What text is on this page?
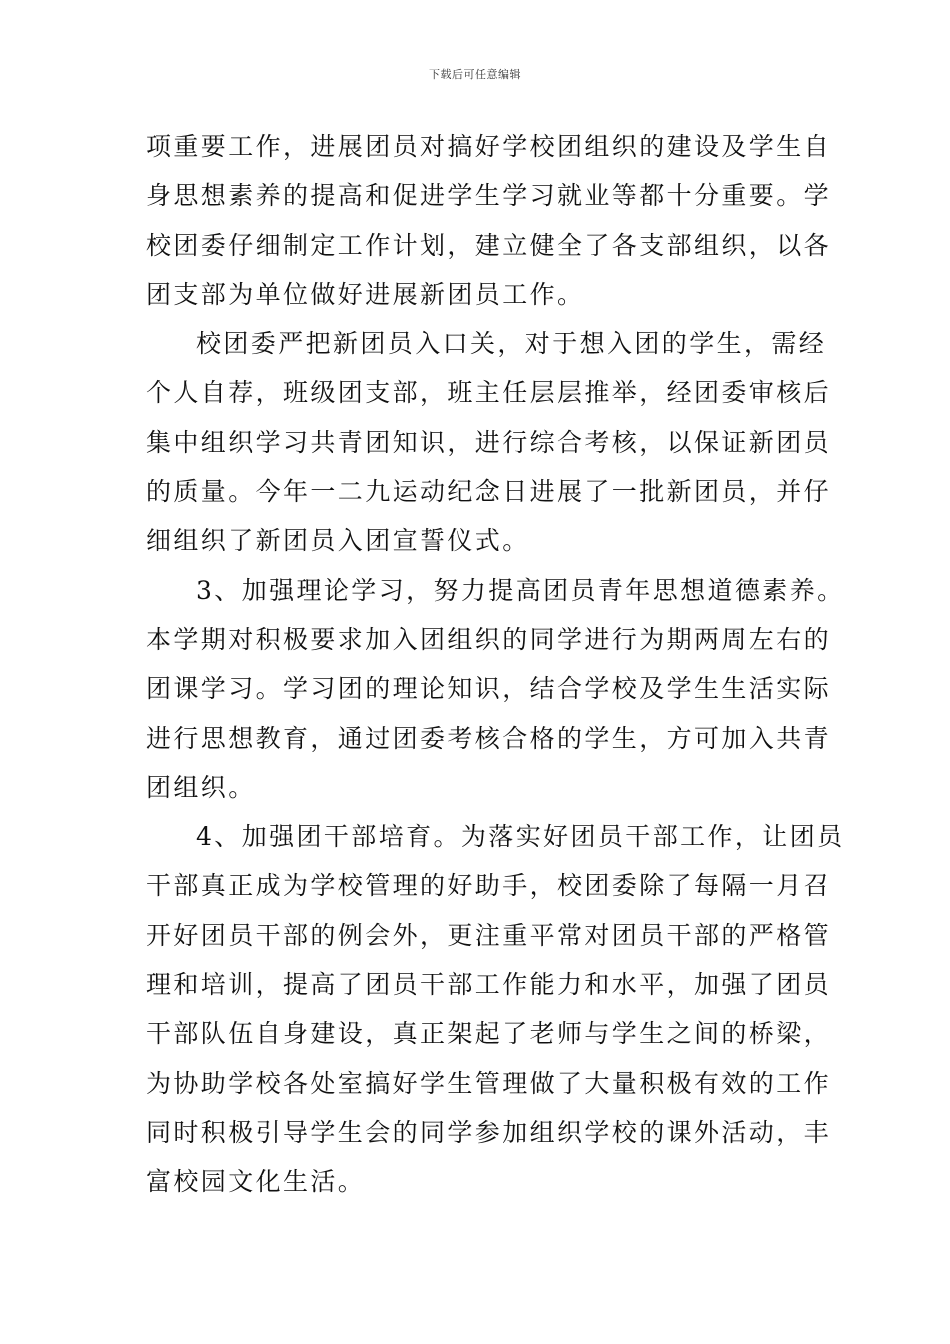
下载后可任意编辑
项重要工作，进展团员对搞好学校团组织的建设及学生自
身思想素养的提高和促进学生学习就业等都十分重要。学
校团委仔细制定工作计划，建立健全了各支部组织，以各
团支部为单位做好进展新团员工作。
校团委严把新团员入口关，对于想入团的学生，需经
个人自荐，班级团支部，班主任层层推举，经团委审核后
集中组织学习共青团知识，进行综合考核，以保证新团员
的质量。今年一二九运动纪念日进展了一批新团员，并仔
细组织了新团员入团宣誓仪式。
3、加强理论学习，努力提高团员青年思想道德素养。
本学期对积极要求加入团组织的同学进行为期两周左右的
团课学习。学习团的理论知识，结合学校及学生生活实际
进行思想教育，通过团委考核合格的学生，方可加入共青
团组织。
4、加强团干部培育。为落实好团员干部工作，让团员
干部真正成为学校管理的好助手，校团委除了每隔一月召
开好团员干部的例会外，更注重平常对团员干部的严格管
理和培训，提高了团员干部工作能力和水平，加强了团员
干部队伍自身建设，真正架起了老师与学生之间的桥梁，
为协助学校各处室搞好学生管理做了大量积极有效的工作
同时积极引导学生会的同学参加组织学校的课外活动，丰
富校园文化生活。
